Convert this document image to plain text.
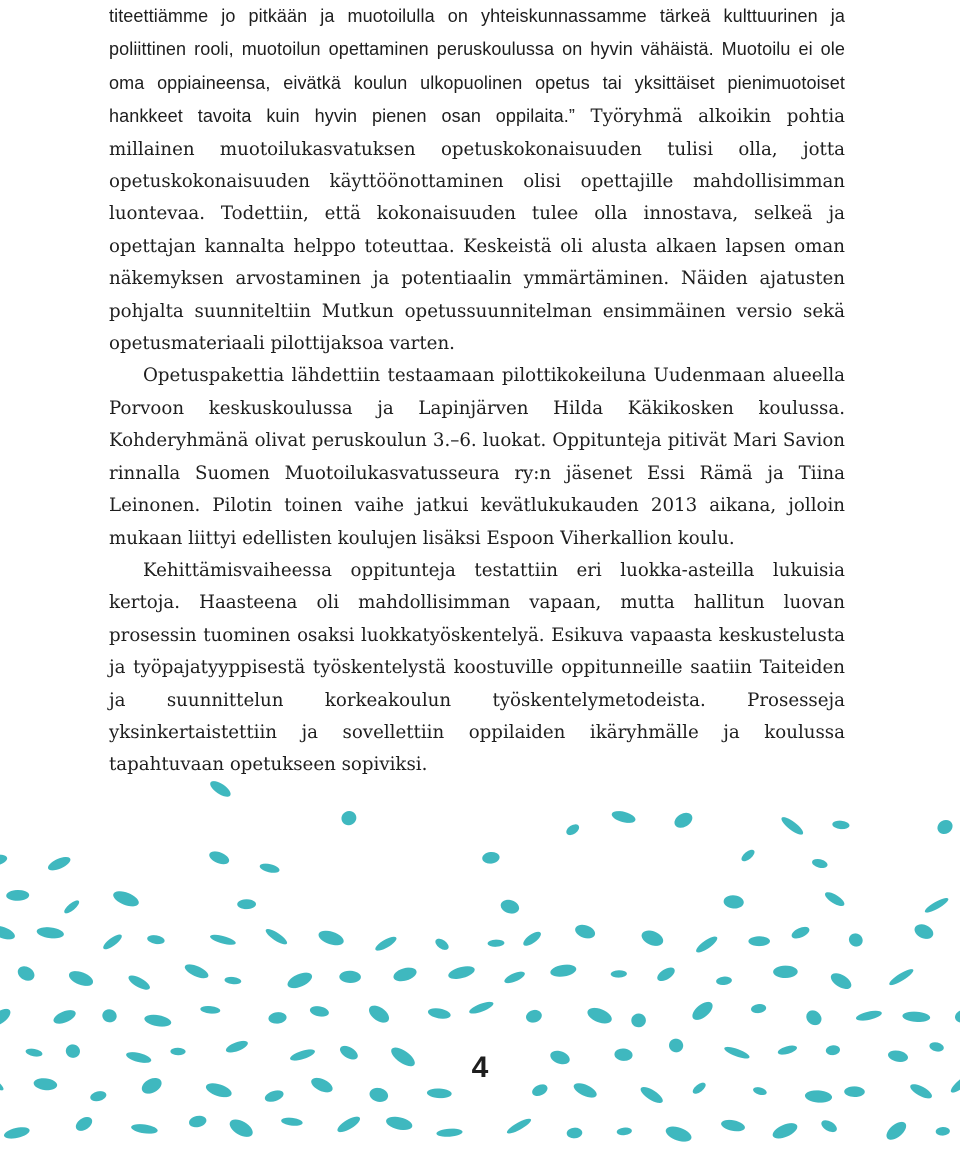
titeettiämme jo pitkään ja muotoilulla on yhteiskunnassamme tärkeä kulttuurinen ja poliittinen rooli, muotoilun opettaminen peruskoulussa on hyvin vähäistä. Muotoilu ei ole oma oppiaineensa, eivätkä koulun ulkopuolinen opetus tai yksittäiset pienimuotoiset hankkeet tavoita kuin hyvin pienen osan oppilaita.” Työryhmä alkoikin pohtia millainen muotoilukasvatuksen opetuskokonaisuuden tulisi olla, jotta opetuskokonaisuuden käyttöönottaminen olisi opettajille mahdollisimman luontevaa. Todettiin, että kokonaisuuden tulee olla innostava, selkeä ja opettajan kannalta helppo toteuttaa. Keskeistä oli alusta alkaen lapsen oman näkemyksen arvostaminen ja potentiaalin ymmärtäminen. Näiden ajatusten pohjalta suunniteltiin Mutkun opetussuunnitelman ensimmäinen versio sekä opetusmateriaali pilottijaksoa varten.

Opetuspakettia lähdettiin testaamaan pilottikokeiluna Uudenmaan alueella Porvoon keskuskoulussa ja Lapinjärven Hilda Käkikosken koulussa. Kohderyhmänä olivat peruskoulun 3.–6. luokat. Oppitunteja pitivät Mari Savion rinnalla Suomen Muotoilukasvatusseura ry:n jäsenet Essi Rämä ja Tiina Leinonen. Pilotin toinen vaihe jatkui kevätlukukauden 2013 aikana, jolloin mukaan liittyi edellisten koulujen lisäksi Espoon Viherkallion koulu.

Kehittämisvaiheessa oppitunteja testattiin eri luokka-asteilla lukuisia kertoja. Haasteena oli mahdollisimman vapaan, mutta hallitun luovan prosessin tuominen osaksi luokkatyöskentelyä. Esikuva vapaasta keskustelusta ja työpajatyyppisestä työskentelystä koostuville oppitunneille saatiin Taiteiden ja suunnittelun korkeakoulun työskentelymetodeista. Prosesseja yksinkertaistettiin ja sovellettiin oppilaiden ikäryhmälle ja koulussa tapahtuvaan opetukseen sopiviksi.

4
